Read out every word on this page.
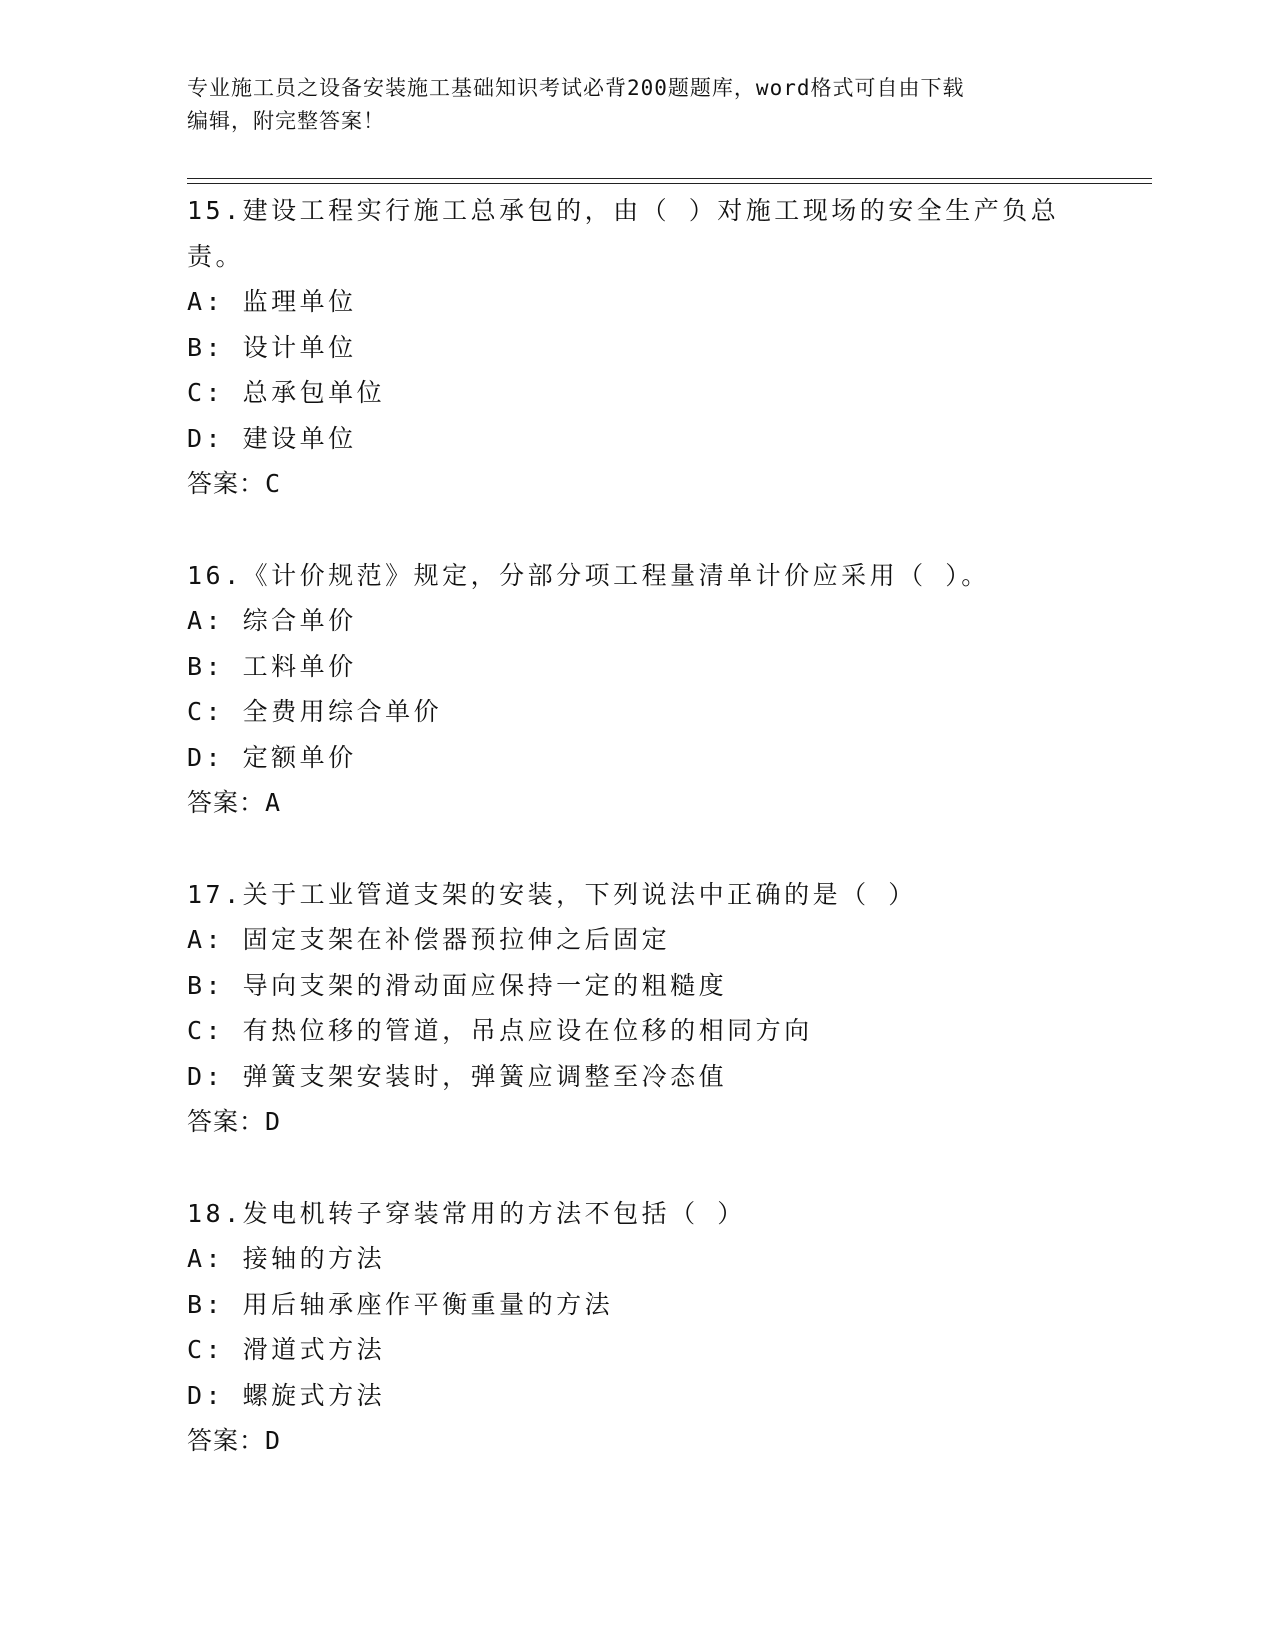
专业施工员之设备安装施工基础知识考试必背200题题库，word格式可自由下载
编辑，附完整答案！
15.建设工程实行施工总承包的，由（ ）对施工现场的安全生产负总
责。
A: 监理单位
B: 设计单位
C: 总承包单位
D: 建设单位
答案：C
16.《计价规范》规定，分部分项工程量清单计价应采用（ ）。
A: 综合单价
B: 工料单价
C: 全费用综合单价
D: 定额单价
答案：A
17.关于工业管道支架的安装，下列说法中正确的是（ ）
A: 固定支架在补偿器预拉伸之后固定
B: 导向支架的滑动面应保持一定的粗糙度
C: 有热位移的管道，吊点应设在位移的相同方向
D: 弹簧支架安装时，弹簧应调整至冷态值
答案：D
18.发电机转子穿装常用的方法不包括（ ）
A: 接轴的方法
B: 用后轴承座作平衡重量的方法
C: 滑道式方法
D: 螺旋式方法
答案：D
